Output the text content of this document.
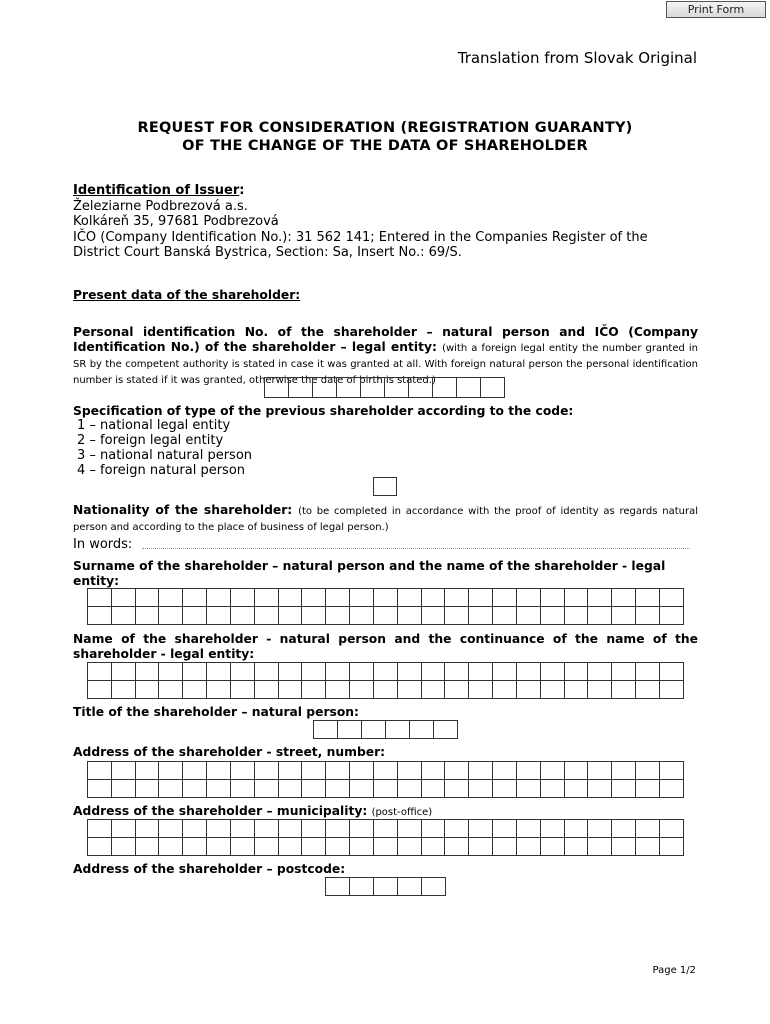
Print Form
Translation from Slovak Original
REQUEST FOR CONSIDERATION (REGISTRATION GUARANTY)
OF THE CHANGE OF THE DATA OF SHAREHOLDER
Identification of Issuer:
Železiarne Podbrezová a.s.
Kolkáreň 35, 97681 Podbrezová
IČO (Company Identification No.): 31 562 141; Entered in the Companies Register of the
District Court Banská Bystrica, Section: Sa, Insert No.: 69/S.
Present data of the shareholder:
Personal identification No. of the shareholder – natural person and IČO (Company Identification No.) of the shareholder – legal entity: (with a foreign legal entity the number granted in SR by the competent authority is stated in case it was granted at all. With foreign natural person the personal identification number is stated if it was granted, otherwise the date of birth is stated.)
Specification of type of the previous shareholder according to the code:
1 – national legal entity
2 – foreign legal entity
3 – national natural person
4 – foreign natural person
Nationality of the shareholder: (to be completed in accordance with the proof of identity as regards natural person and according to the place of business of legal person.)
In words:
Surname of the shareholder – natural person and the name of the shareholder - legal entity:
Name of the shareholder - natural person and the continuance of the name of the shareholder - legal entity:
Title of the shareholder – natural person:
Address of the shareholder - street, number:
Address of the shareholder – municipality: (post-office)
Address of the shareholder – postcode:
Page 1/2
